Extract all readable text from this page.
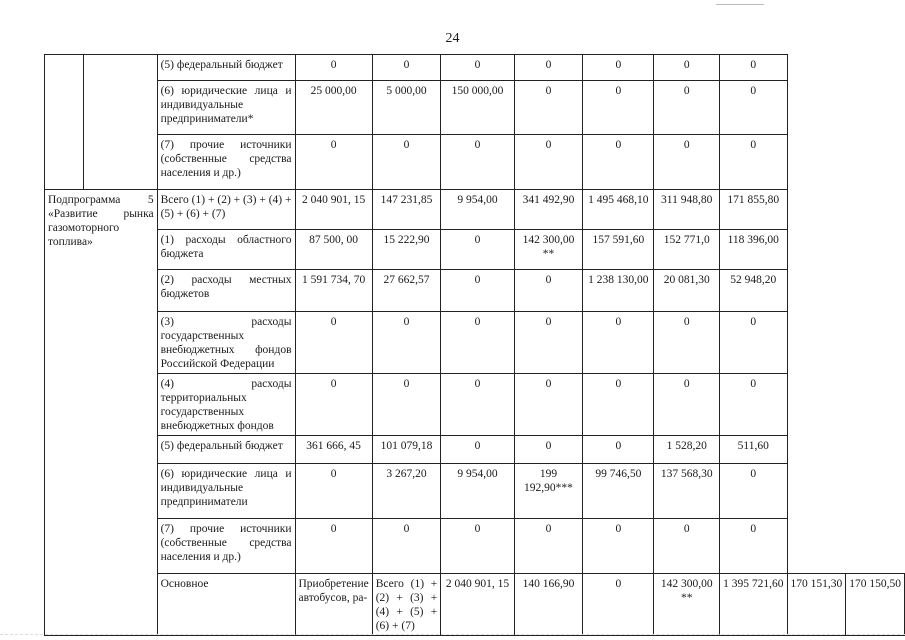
24
		(5) федеральный бюджет	0	0	0	0	0	0	0		
		(6) юридические лица и индивидуальные предприниматели*	25 000,00	5 000,00	150 000,00	0	0	0	0		
		(7) прочие источники (собственные средства населения и др.)	0	0	0	0	0	0	0		
Подпрограмма 5 «Развитие рынка газомоторного топлива»		Всего (1) + (2) + (3) + (4) + (5) + (6) + (7)	2 040 901, 15	147 231,85	9 954,00	341 492,90	1 495 468,10	311 948,80	171 855,80		
		(1) расходы областного бюджета	87 500, 00	15 222,90	0	142 300,00 **	157 591,60	152 771,0	118 396,00		
		(2) расходы местных бюджетов	1 591 734, 70	27 662,57	0	0	1 238 130,00	20 081,30	52 948,20		
		(3) расходы государственных внебюджетных фондов Российской Федерации	0	0	0	0	0	0	0		
		(4) расходы территориальных государственных внебюджетных фондов	0	0	0	0	0	0	0		
		(5) федеральный бюджет	361 666, 45	101 079,18	0	0	0	1 528,20	511,60		
		(6) юридические лица и индивидуальные предприниматели	0	3 267,20	9 954,00	199 192,90***	99 746,50	137 568,30	0		
		(7) прочие источники (собственные средства населения и др.)	0	0	0	0	0	0	0		
		Основное	Приобретение автобусов, ра-	Всего (1) + (2) + (3) + (4) + (5) + (6) + (7)	2 040 901, 15	140 166,90	0	142 300,00 **	1 395 721,60	170 151,30	170 150,50
